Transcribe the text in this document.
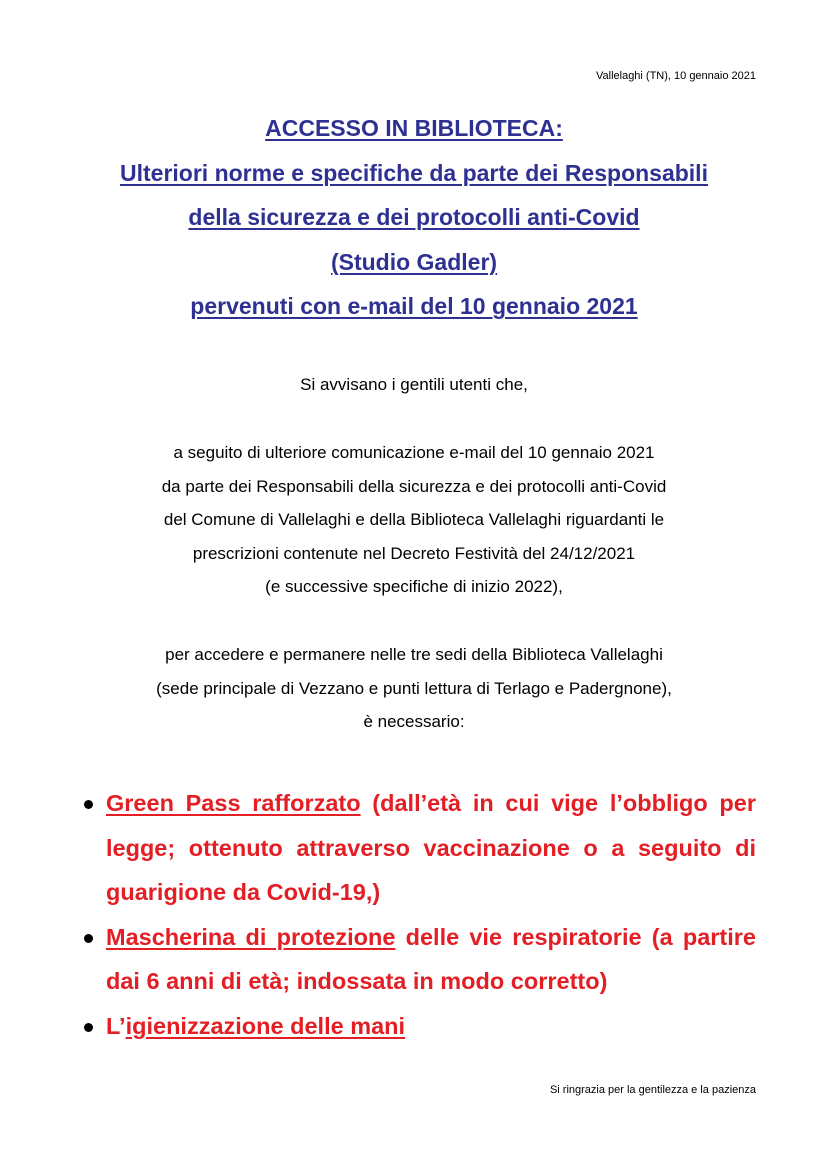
Vallelaghi (TN), 10 gennaio 2021
ACCESSO IN BIBLIOTECA:
Ulteriori norme e specifiche da parte dei Responsabili
della sicurezza e dei protocolli anti-Covid
(Studio Gadler)
pervenuti con e-mail del 10 gennaio 2021
Si avvisano i gentili utenti che,
a seguito di ulteriore comunicazione e-mail del 10 gennaio 2021
da parte dei Responsabili della sicurezza e dei protocolli anti-Covid
del Comune di Vallelaghi e della Biblioteca Vallelaghi riguardanti le
prescrizioni contenute nel Decreto Festività del 24/12/2021
(e successive specifiche di inizio 2022),
per accedere e permanere nelle tre sedi della Biblioteca Vallelaghi
(sede principale di Vezzano e punti lettura di Terlago e Padergnone),
è necessario:
Green Pass rafforzato (dall’età in cui vige l’obbligo per legge; ottenuto attraverso vaccinazione o a seguito di guarigione da Covid-19,)
Mascherina di protezione delle vie respiratorie (a partire dai 6 anni di età; indossata in modo corretto)
L’igienizzazione delle mani
Si ringrazia per la gentilezza e la pazienza
